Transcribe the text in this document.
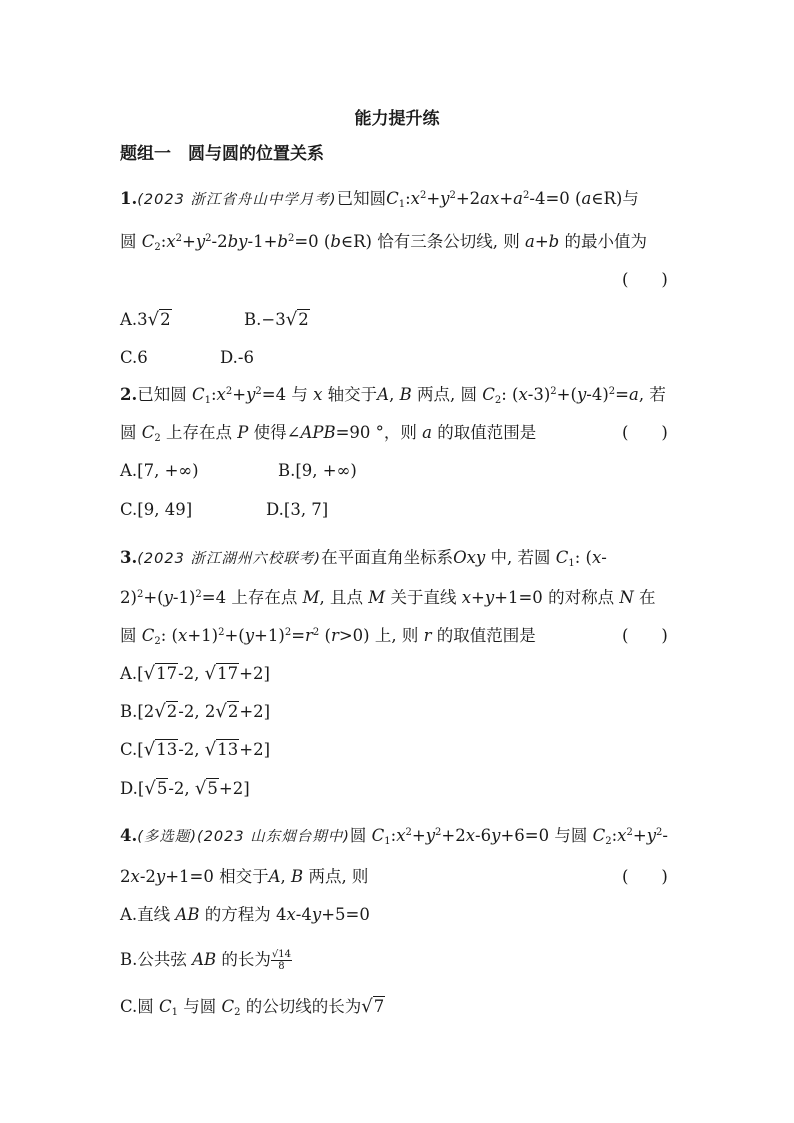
能力提升练
题组一　圆与圆的位置关系
1.(2023 浙江省舟山中学月考)已知圆$C_1:x^2+y^2+2ax+a^2-4=0$ (a∈R)与
圆 $C_2:x^2+y^2-2by-1+b^2=0$ (b∈R) 恰有三条公切线, 则 a+b 的最小值为
(　　)
A.3√2	B.−3√2
C.6	D.-6
2.已知圆 $C_1:x^2+y^2=4$ 与 x 轴交于A, B 两点, 圆 $C_2$: $(x-3)^2+(y-4)^2=a$, 若
圆 $C_2$ 上存在点 P 使得∠APB=90 °，则 a 的取值范围是	(　　)
A.[7, +∞)	B.[9, +∞)
C.[9, 49]	D.[3, 7]
3.(2023 浙江湖州六校联考)在平面直角坐标系Oxy 中, 若圆 $C_1$: (x-
$2)^2+(y-1)^2=4$ 上存在点 M, 且点 M 关于直线 x+y+1=0 的对称点 N 在
圆 $C_2$: $(x+1)^2+(y+1)^2=r^2$ (r>0) 上, 则 r 的取值范围是	(　　)
A.[√17-2, √17+2]
B.[2√2-2, 2√2+2]
C.[√13-2, √13+2]
D.[√5-2, √5+2]
4.(多选题)(2023 山东烟台期中)圆 $C_1:x^2+y^2+2x-6y+6=0$ 与圆 $C_2:x^2+y^2-$
2x-2y+1=0 相交于A, B 两点, 则	(　　)
A.直线 AB 的方程为 4x-4y+5=0
B.公共弦 AB 的长为 $\frac{√14}{8}$
C.圆 $C_1$ 与圆 $C_2$ 的公切线的长为√7
